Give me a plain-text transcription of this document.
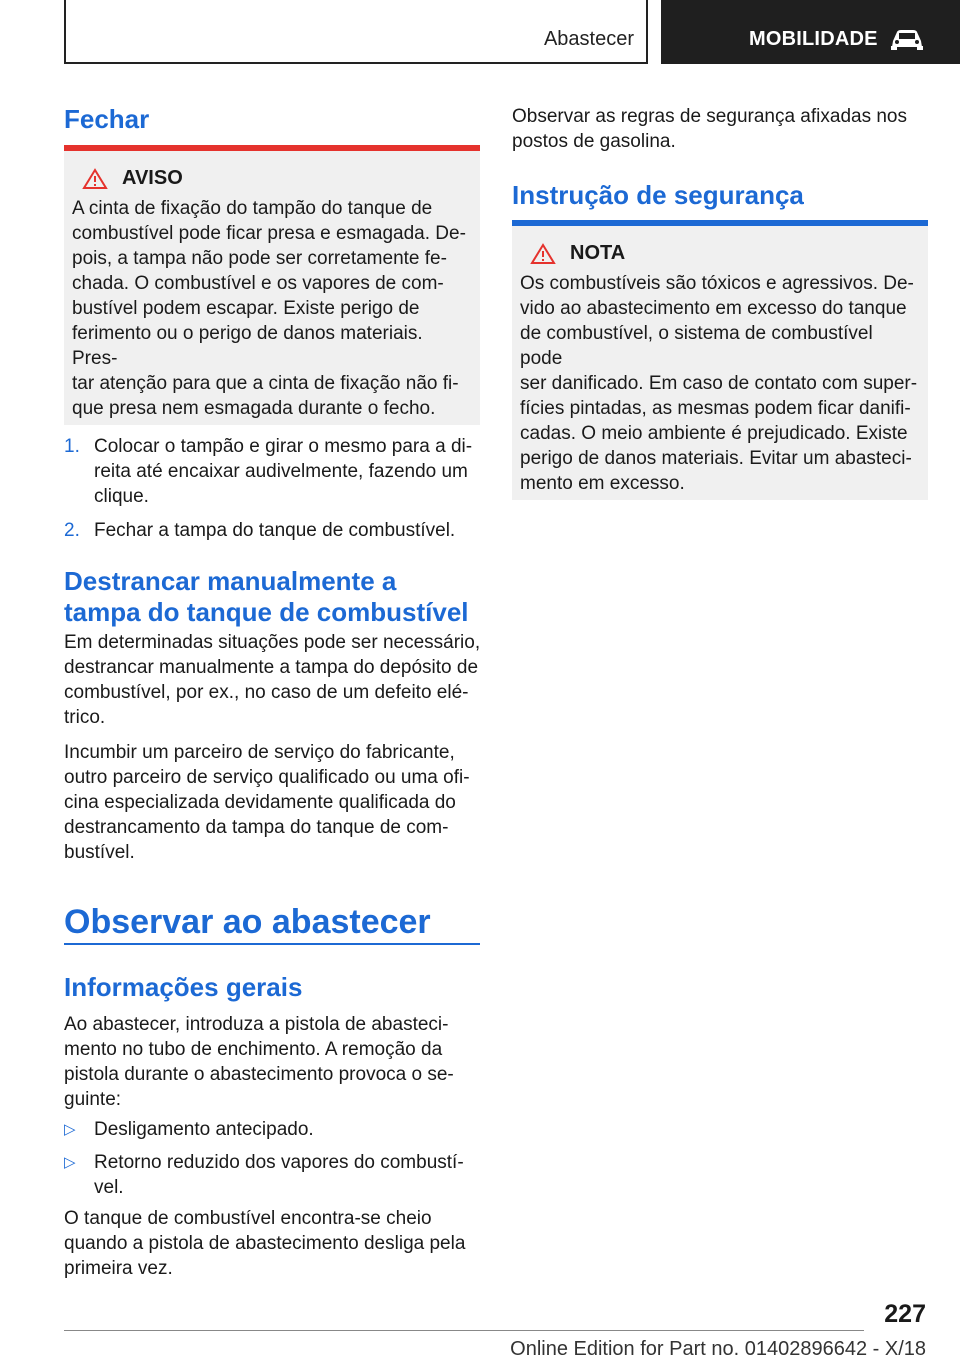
Abastecer	MOBILIDADE
Fechar
AVISO

A cinta de fixação do tampão do tanque de

combustível pode ficar presa e esmagada. De-

pois, a tampa não pode ser corretamente fe-

chada. O combustível e os vapores de com-

bustível podem escapar. Existe perigo de

ferimento ou o perigo de danos materiais. Pres-

tar atenção para que a cinta de fixação não fi-

que presa nem esmagada durante o fecho.

1. Colocar o tampão e girar o mesmo para a di-
reita até encaixar audivelmente, fazendo um
clique.
2. Fechar a tampa do tanque de combustível.
Destrancar manualmente a
tampa do tanque de combustível

Em determinadas situações pode ser necessário,

destrancar manualmente a tampa do depósito de

combustível, por ex., no caso de um defeito elé-

trico.

Incumbir um parceiro de serviço do fabricante,

outro parceiro de serviço qualificado ou uma ofi-

cina especializada devidamente qualificada do

destrancamento da tampa do tanque de com-

bustível.

Observar ao abastecer
Informações gerais

Ao abastecer, introduza a pistola de abasteci-

mento no tubo de enchimento. A remoção da

pistola durante o abastecimento provoca o se-

guinte:

▷ Desligamento antecipado.
▷ Retorno reduzido dos vapores do combustí-
vel.

O tanque de combustível encontra-se cheio

quando a pistola de abastecimento desliga pela

primeira vez.

Observar as regras de segurança afixadas nos

postos de gasolina.

Instrução de segurança
NOTA

Os combustíveis são tóxicos e agressivos. De-

vido ao abastecimento em excesso do tanque

de combustível, o sistema de combustível pode

ser danificado. Em caso de contato com super-

fícies pintadas, as mesmas podem ficar danifi-

cadas. O meio ambiente é prejudicado. Existe

perigo de danos materiais. Evitar um abasteci-

mento em excesso.

227
Online Edition for Part no. 01402896642 - X/18
